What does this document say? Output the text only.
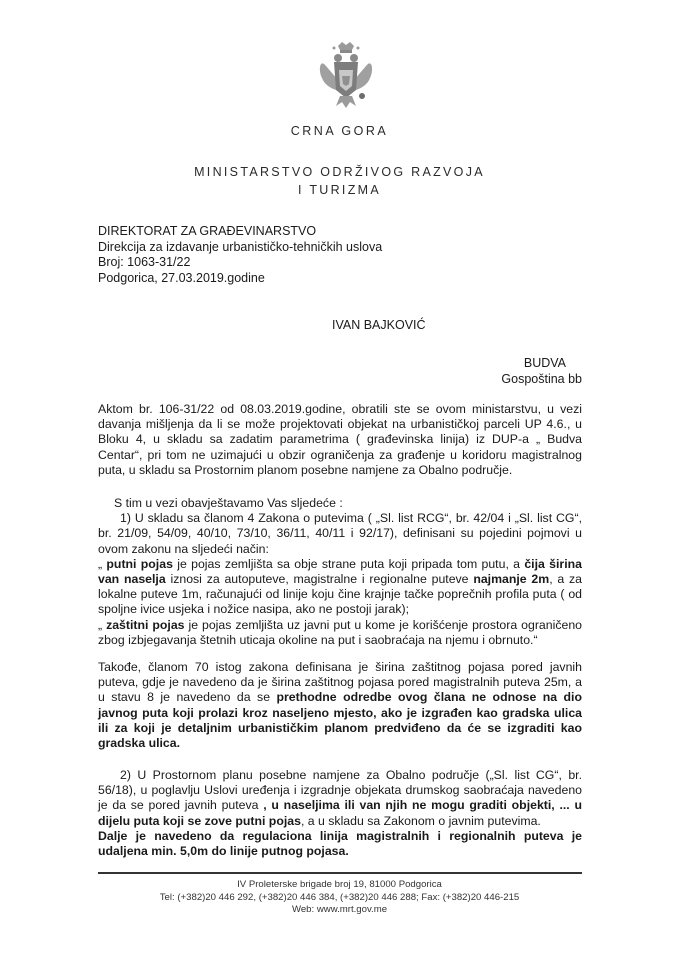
CRNA GORA
MINISTARSTVO ODRŽIVOG RAZVOJA
I TURIZMA
DIREKTORAT ZA GRAĐEVINARSTVO
Direkcija za izdavanje urbanističko-tehničkih uslova
Broj: 1063-31/22
Podgorica, 27.03.2019.godine
IVAN BAJKOVIĆ
BUDVA
Gospoština bb
Aktom br. 106-31/22 od 08.03.2019.godine, obratili ste se ovom ministarstvu, u vezi davanja mišljenja da li se može projektovati objekat na urbanističkoj parceli UP 4.6., u Bloku 4, u skladu sa zadatim parametrima ( građevinska linija) iz DUP-a „ Budva Centar“, pri tom ne uzimajući u obzir ograničenja za građenje u koridoru magistralnog puta, u skladu sa Prostornim planom posebne namjene za Obalno područje.
S tim u vezi obavještavamo Vas sljedeće :
1) U skladu sa članom 4 Zakona o putevima ( „Sl. list RCG“, br. 42/04 i „Sl. list CG“, br. 21/09, 54/09, 40/10, 73/10, 36/11, 40/11 i 92/17), definisani su pojedini pojmovi u ovom zakonu na sljedeći način:
„ putni pojas je pojas zemljišta sa obje strane puta koji pripada tom putu, a čija širina van naselja iznosi za autoputeve, magistralne i regionalne puteve najmanje 2m, a za lokalne puteve 1m, računajući od linije koju čine krajnje tačke poprečnih profila puta ( od spoljne ivice usjeka i nožice nasipa, ako ne postoji jarak);
„ zaštitni pojas je pojas zemljišta uz javni put u kome je korišćenje prostora ograničeno zbog izbjegavanja štetnih uticaja okoline na put i saobraćaja na njemu i obrnuto.“
Takođe, članom 70 istog zakona definisana je širina zaštitnog pojasa pored javnih puteva, gdje je navedeno da je širina zaštitnog pojasa pored magistralnih puteva 25m, a u stavu 8 je navedeno da se prethodne odredbe ovog člana ne odnose na dio javnog puta koji prolazi kroz naseljeno mjesto, ako je izgrađen kao gradska ulica ili za koji je detaljnim urbanističkim planom predviđeno da će se izgraditi kao gradska ulica.
2) U Prostornom planu posebne namjene za Obalno područje („Sl. list CG“, br. 56/18), u poglavlju Uslovi uređenja i izgradnje objekata drumskog saobraćaja navedeno je da se pored javnih puteva , u naseljima ili van njih ne mogu graditi objekti, ... u dijelu puta koji se zove putni pojas, a u skladu sa Zakonom o javnim putevima.
Dalje je navedeno da regulaciona linija magistralnih i regionalnih puteva je udaljena min. 5,0m do linije putnog pojasa.
IV Proleterske brigade broj 19, 81000 Podgorica
Tel: (+382)20 446 292, (+382)20 446 384, (+382)20 446 288; Fax: (+382)20 446-215
Web: www.mrt.gov.me
